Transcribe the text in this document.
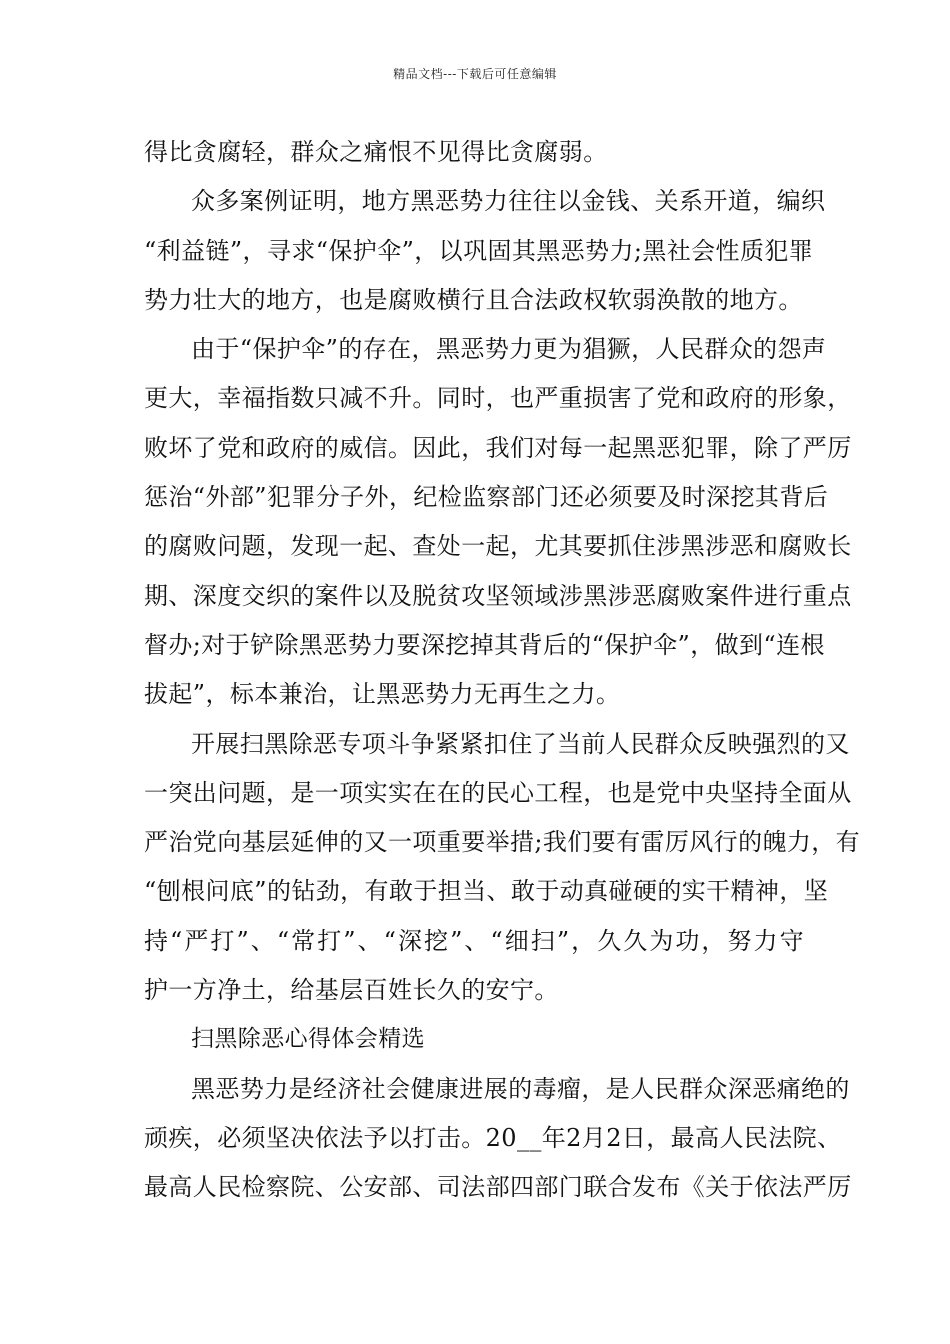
精品文档---下载后可任意编辑
得比贪腐轻，群众之痛恨不见得比贪腐弱。
众多案例证明，地方黑恶势力往往以金钱、关系开道，编织
“利益链”，寻求“保护伞”，以巩固其黑恶势力;黑社会性质犯罪
势力壮大的地方，也是腐败横行且合法政权软弱涣散的地方。
由于“保护伞”的存在，黑恶势力更为猖獗，人民群众的怨声
更大，幸福指数只减不升。同时，也严重损害了党和政府的形象，
败坏了党和政府的威信。因此，我们对每一起黑恶犯罪，除了严厉
惩治“外部”犯罪分子外，纪检监察部门还必须要及时深挖其背后
的腐败问题，发现一起、查处一起，尤其要抓住涉黑涉恶和腐败长
期、深度交织的案件以及脱贫攻坚领域涉黑涉恶腐败案件进行重点
督办;对于铲除黑恶势力要深挖掉其背后的“保护伞”，做到“连根
拔起”，标本兼治，让黑恶势力无再生之力。
开展扫黑除恶专项斗争紧紧扣住了当前人民群众反映强烈的又
一突出问题，是一项实实在在的民心工程，也是党中央坚持全面从
严治党向基层延伸的又一项重要举措;我们要有雷厉风行的魄力，有
“刨根问底”的钻劲，有敢于担当、敢于动真碰硬的实干精神，坚
持“严打”、“常打”、“深挖”、“细扫”，久久为功，努力守
护一方净土，给基层百姓长久的安宁。
扫黑除恶心得体会精选
黑恶势力是经济社会健康进展的毒瘤，是人民群众深恶痛绝的
顽疾，必须坚决依法予以打击。20__年2月2日，最高人民法院、
最高人民检察院、公安部、司法部四部门联合发布《关于依法严厉
